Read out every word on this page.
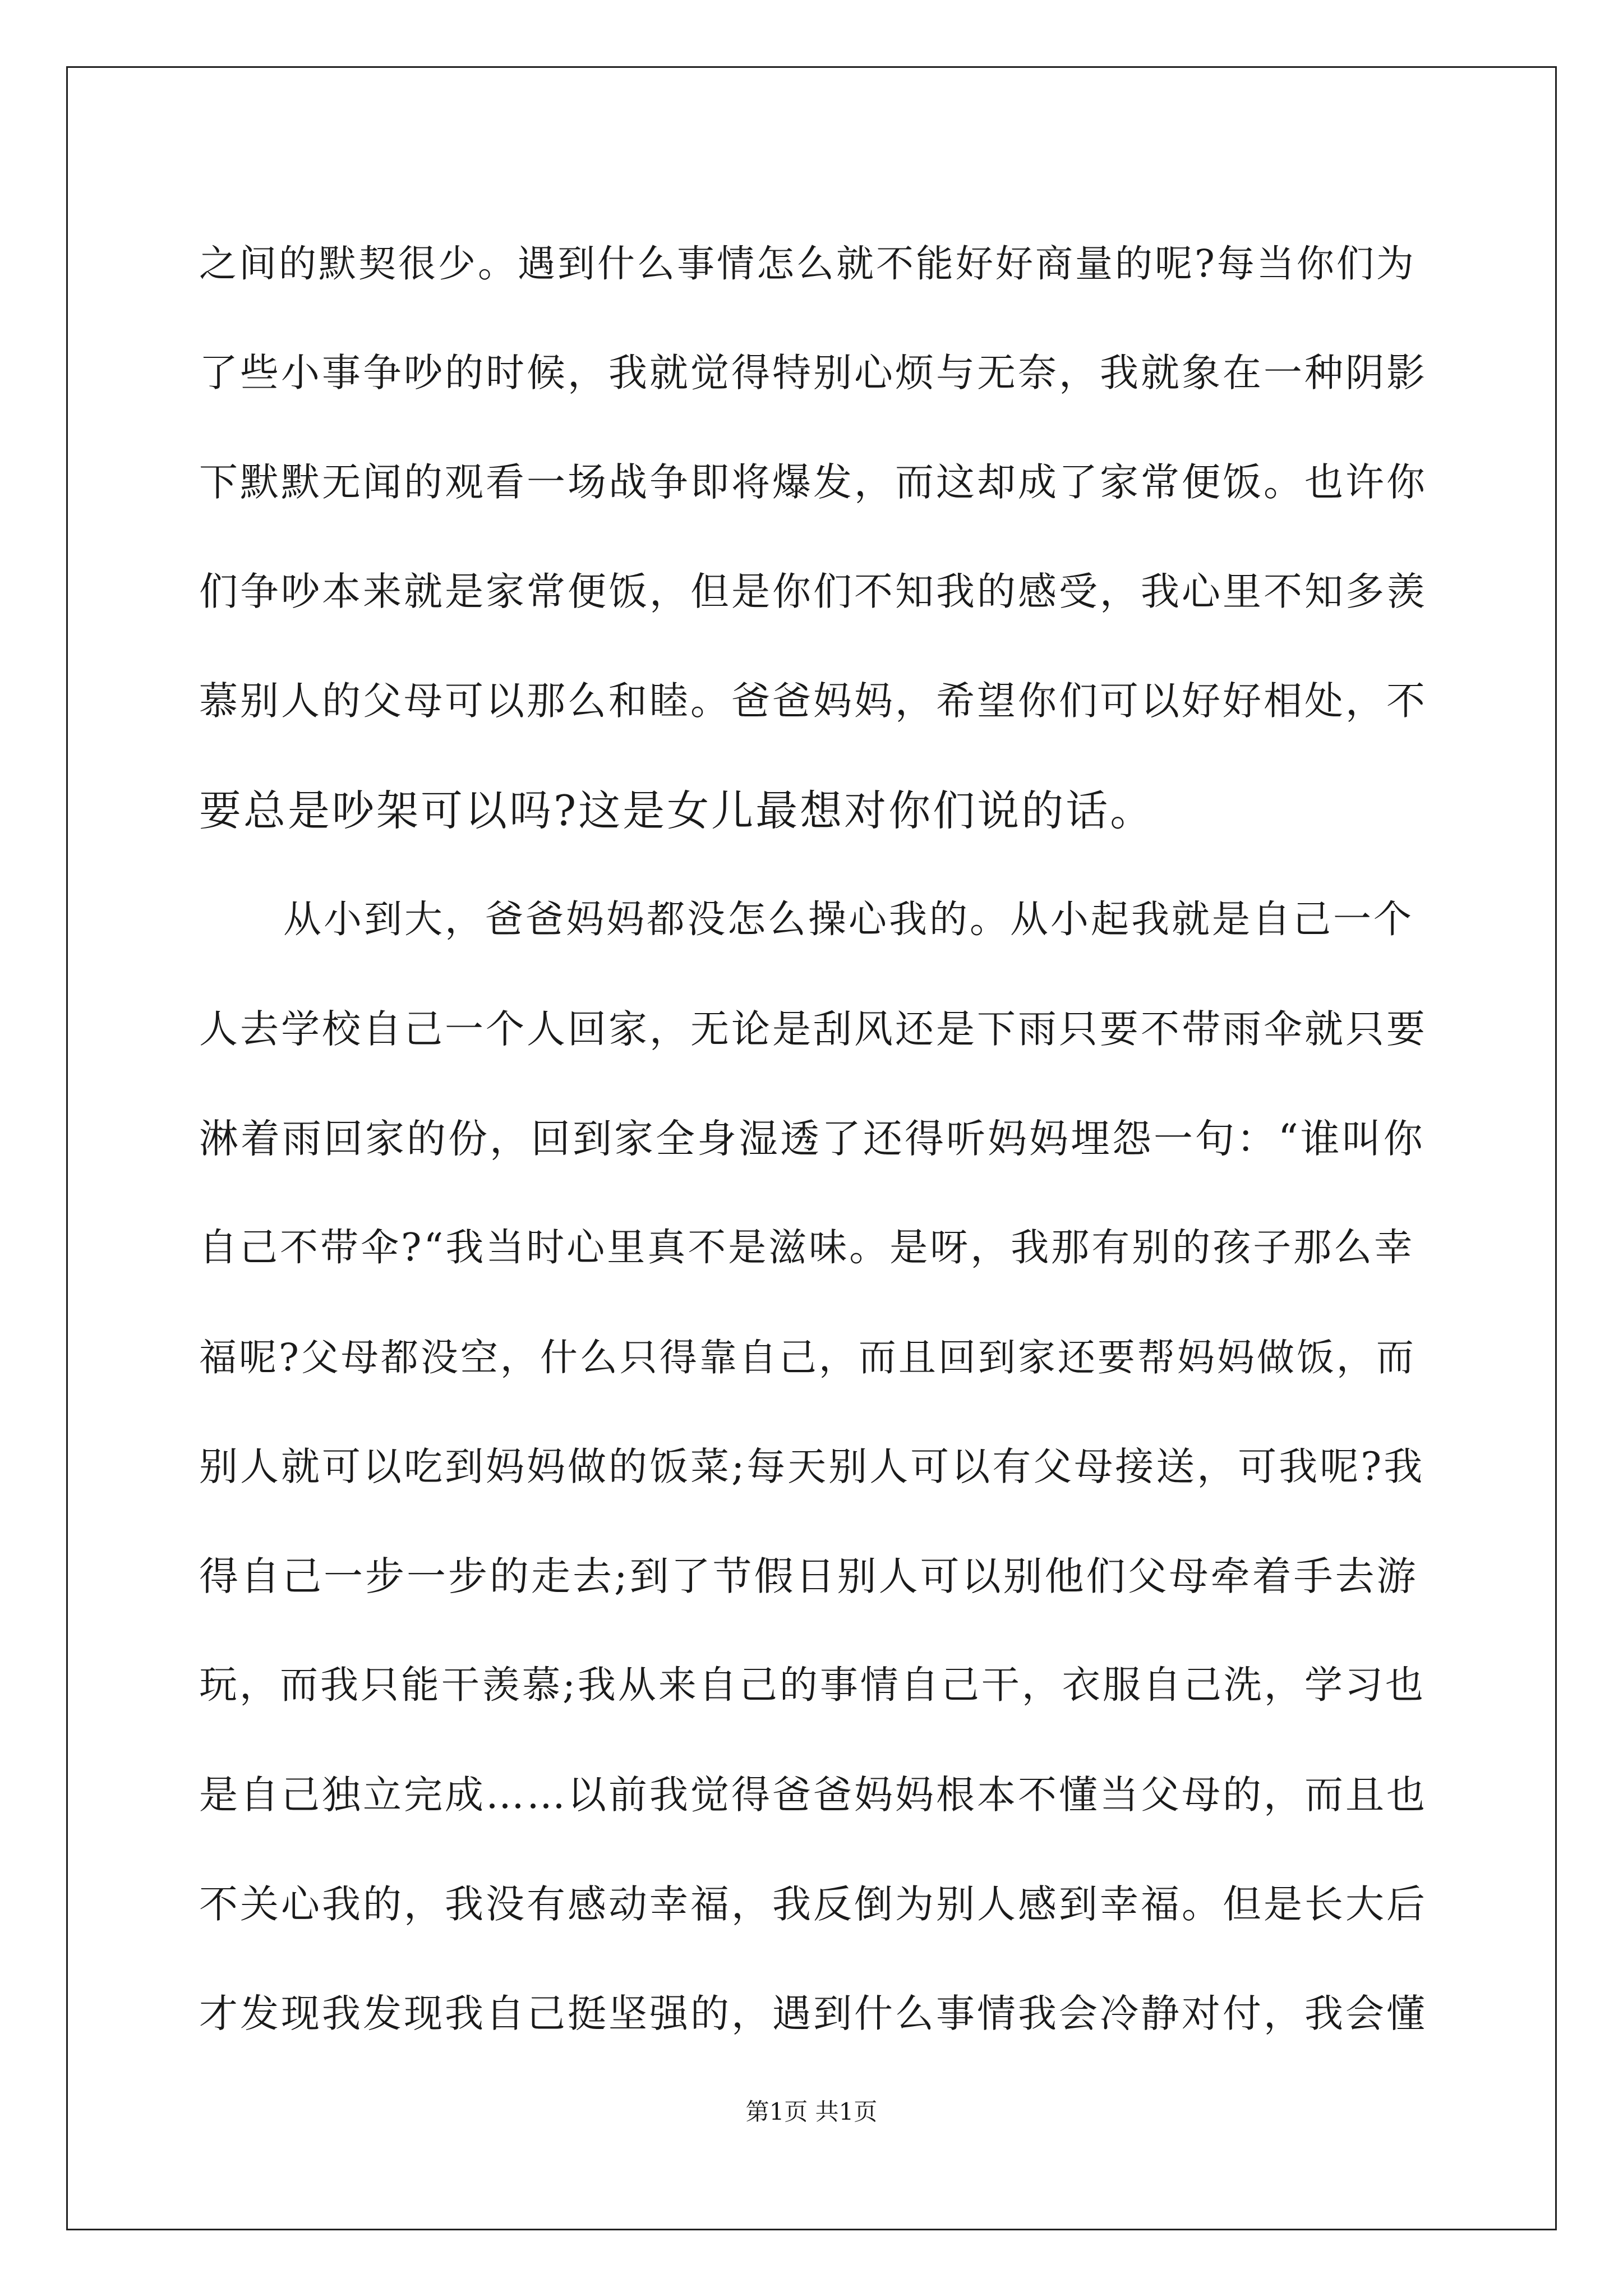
之间的默契很少。遇到什么事情怎么就不能好好商量的呢?每当你们为
了些小事争吵的时候，我就觉得特别心烦与无奈，我就象在一种阴影
下默默无闻的观看一场战争即将爆发，而这却成了家常便饭。也许你
们争吵本来就是家常便饭，但是你们不知我的感受，我心里不知多羡
慕别人的父母可以那么和睦。爸爸妈妈，希望你们可以好好相处，不
要总是吵架可以吗?这是女儿最想对你们说的话。
从小到大，爸爸妈妈都没怎么操心我的。从小起我就是自己一个
人去学校自己一个人回家，无论是刮风还是下雨只要不带雨伞就只要
淋着雨回家的份，回到家全身湿透了还得听妈妈埋怨一句：“谁叫你
自己不带伞?“我当时心里真不是滋味。是呀，我那有别的孩子那么幸
福呢?父母都没空，什么只得靠自己，而且回到家还要帮妈妈做饭，而
别人就可以吃到妈妈做的饭菜;每天别人可以有父母接送，可我呢?我
得自己一步一步的走去;到了节假日别人可以别他们父母牵着手去游
玩，而我只能干羡慕;我从来自己的事情自己干，衣服自己洗，学习也
是自己独立完成……以前我觉得爸爸妈妈根本不懂当父母的，而且也
不关心我的，我没有感动幸福，我反倒为别人感到幸福。但是长大后
才发现我发现我自己挺坚强的，遇到什么事情我会冷静对付，我会懂
第1页 共1页
